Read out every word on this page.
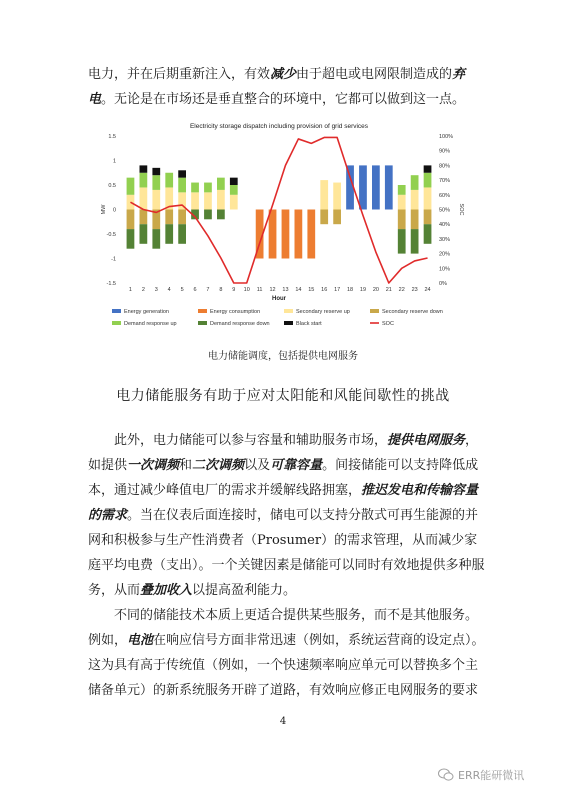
电力，并在后期重新注入，有效减少由于超电或电网限制造成的弃电。无论是在市场还是垂直整合的环境中，它都可以做到这一点。

Electricity storage dispatch including provision of grid services
1.5
1
0.5
0
-0.5
-1
-1.5
100%
90%
80%
70%
60%
50%
40%
30%
20%
10%
0%
MW	SOC
1 2 3 4 5 6 7 8 9 10 11 12 13 14 15 16 17 18 19 20 21 22 23 24
Hour
Energy generation	Energy consumption	Secondary reserve up	Secondary reserve down
Demand response up	Demand response down	Black start	SOC
电力储能调度，包括提供电网服务
电力储能服务有助于应对太阳能和风能间歇性的挑战

此外，电力储能可以参与容量和辅助服务市场，提供电网服务，如提供一次调频和二次调频以及可靠容量。间接储能可以支持降低成本，通过减少峰值电厂的需求并缓解线路拥塞，推迟发电和传输容量的需求。当在仪表后面连接时，储电可以支持分散式可再生能源的并网和积极参与生产性消费者（Prosumer）的需求管理，从而减少家庭平均电费（支出）。一个关键因素是储能可以同时有效地提供多种服务，从而叠加收入以提高盈利能力。

不同的储能技术本质上更适合提供某些服务，而不是其他服务。例如，电池在响应信号方面非常迅速（例如，系统运营商的设定点）。这为具有高于传统值（例如，一个快速频率响应单元可以替换多个主储备单元）的新系统服务开辟了道路，有效响应修正电网服务的要求

4
ERR能研微讯
